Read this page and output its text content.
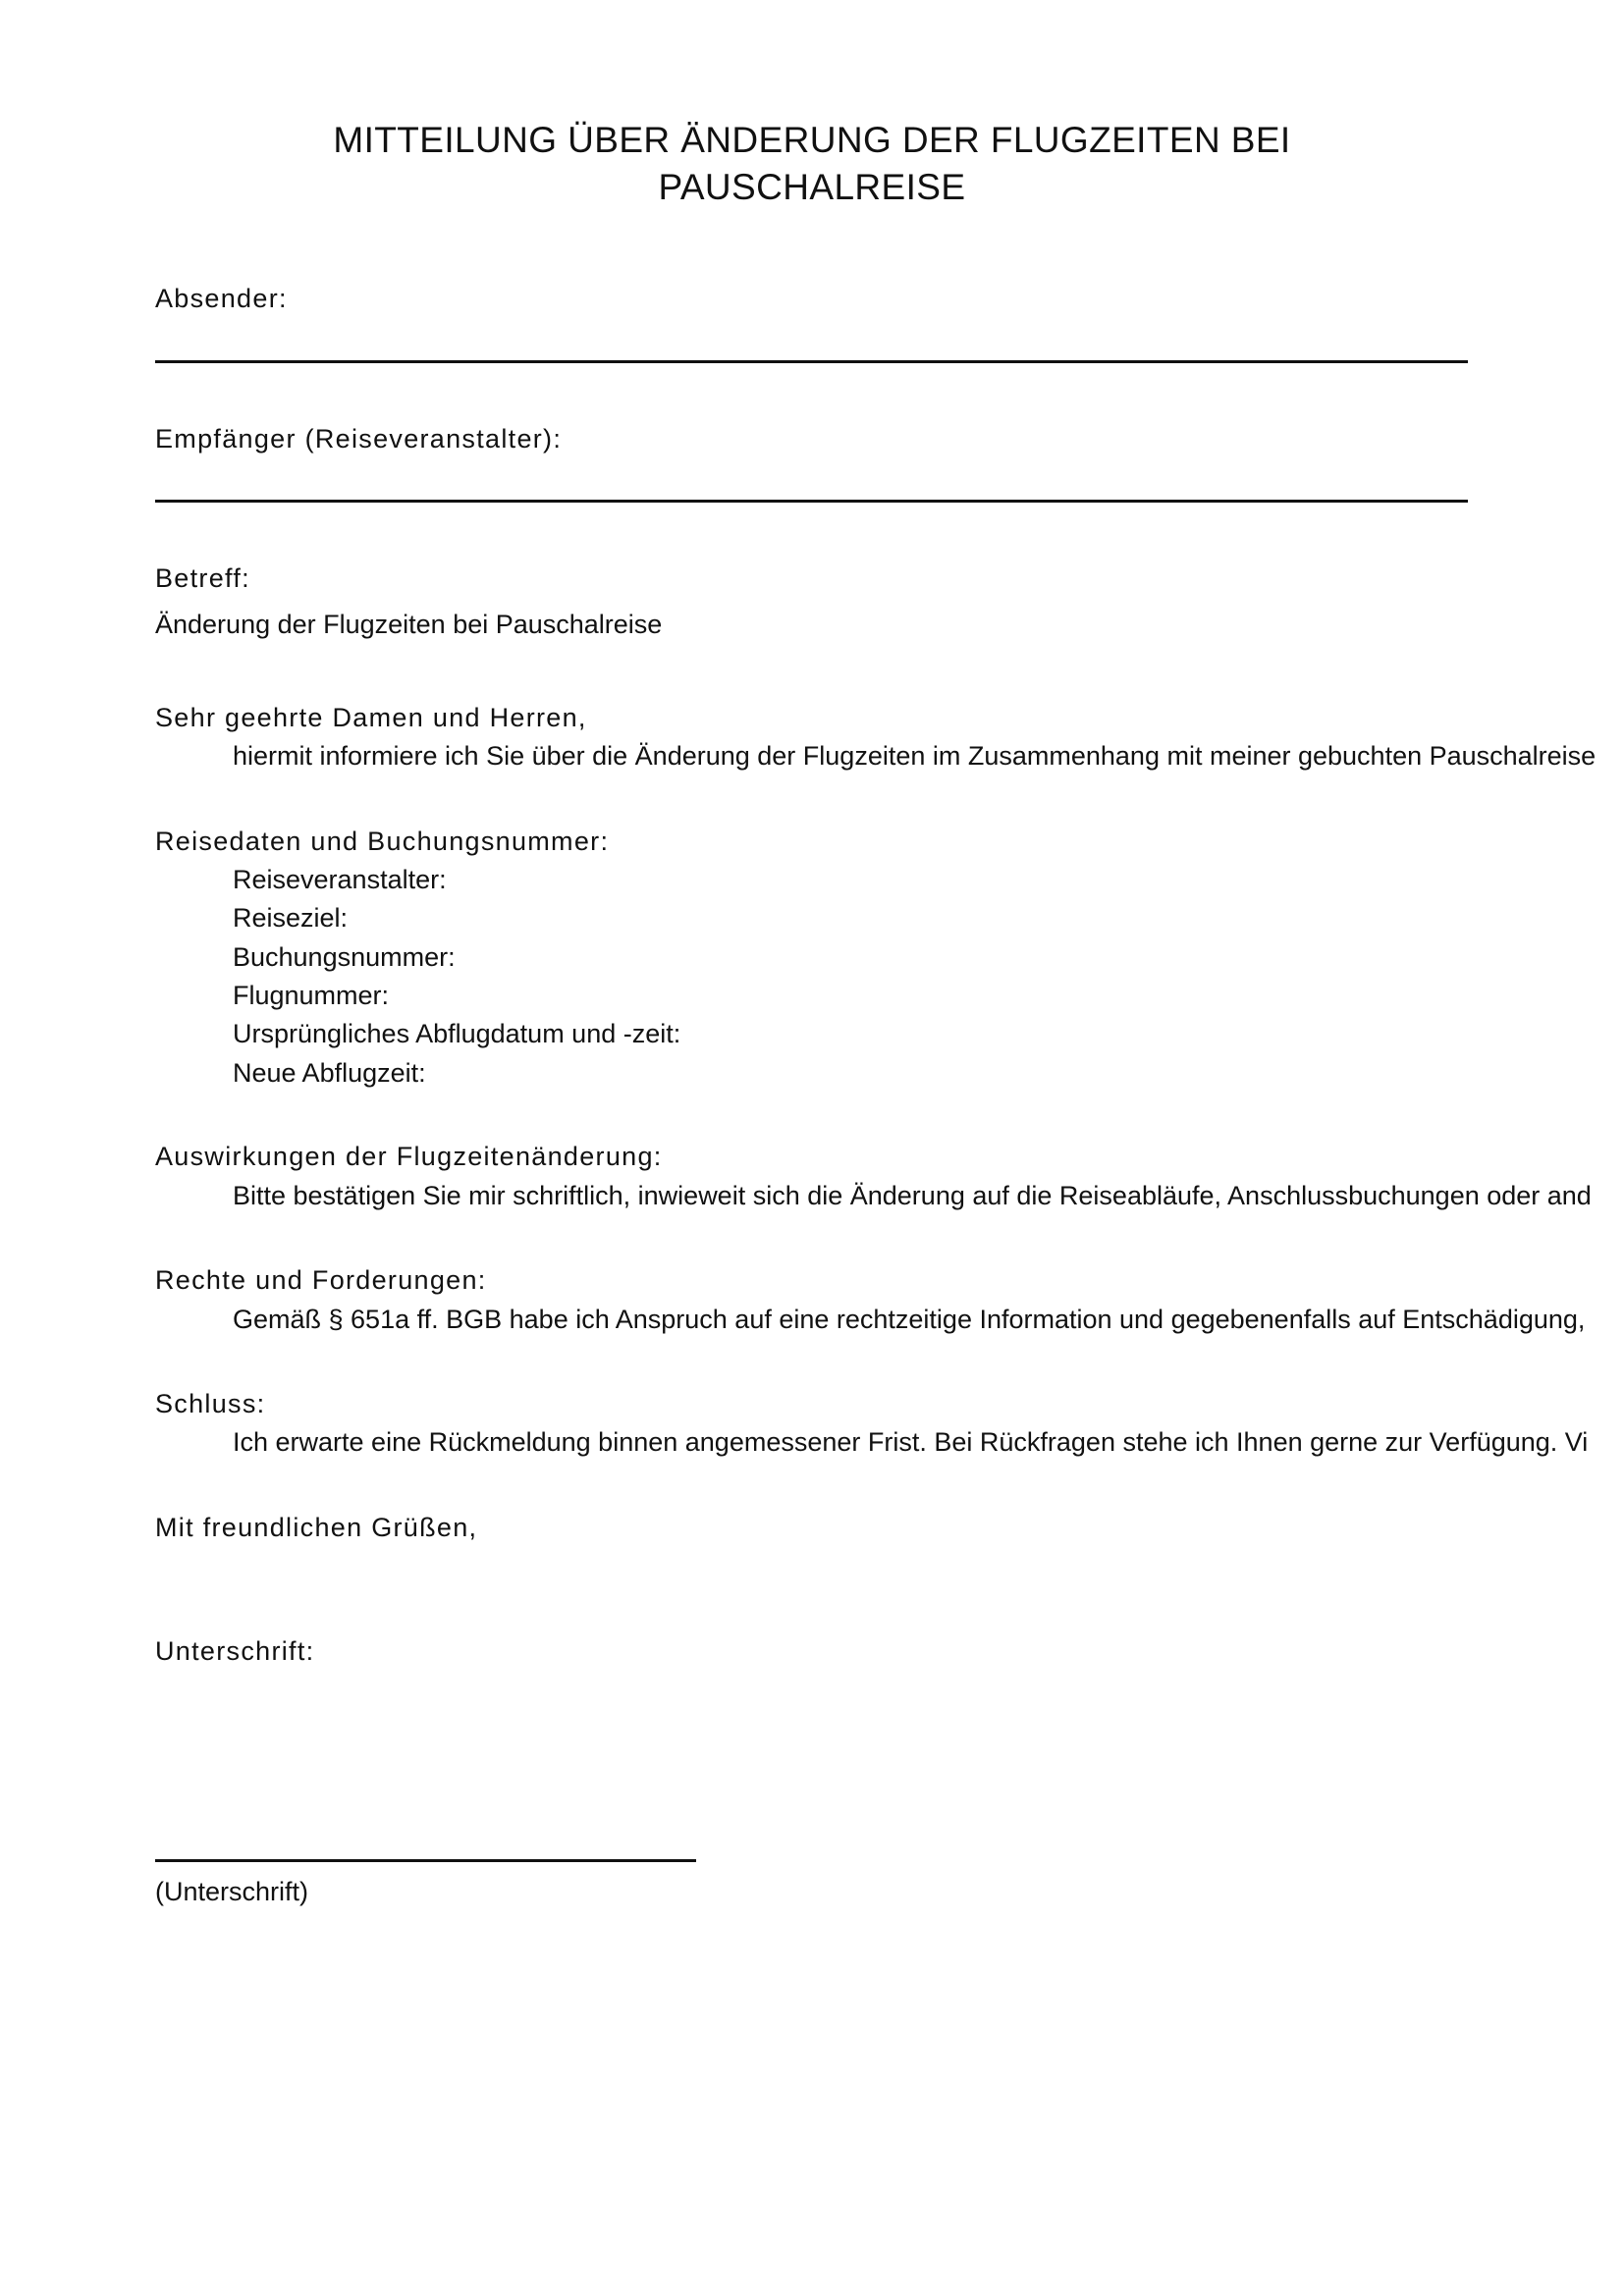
MITTEILUNG ÜBER ÄNDERUNG DER FLUGZEITEN BEI
PAUSCHALREISE
Absender:
Empfänger (Reiseveranstalter):
Betreff:
Änderung der Flugzeiten bei Pauschalreise
Sehr geehrte Damen und Herren,
hiermit informiere ich Sie über die Änderung der Flugzeiten im Zusammenhang mit meiner gebuchten Pauschalreise
Reisedaten und Buchungsnummer:
Reiseveranstalter:
Reiseziel:
Buchungsnummer:
Flugnummer:
Ursprüngliches Abflugdatum und -zeit:
Neue Abflugzeit:
Auswirkungen der Flugzeitenänderung:
Bitte bestätigen Sie mir schriftlich, inwieweit sich die Änderung auf die Reiseabläufe, Anschlussbuchungen oder and
Rechte und Forderungen:
Gemäß § 651a ff. BGB habe ich Anspruch auf eine rechtzeitige Information und gegebenenfalls auf Entschädigung,
Schluss:
Ich erwarte eine Rückmeldung binnen angemessener Frist. Bei Rückfragen stehe ich Ihnen gerne zur Verfügung. Vi
Mit freundlichen Grüßen,
Unterschrift:
(Unterschrift)
